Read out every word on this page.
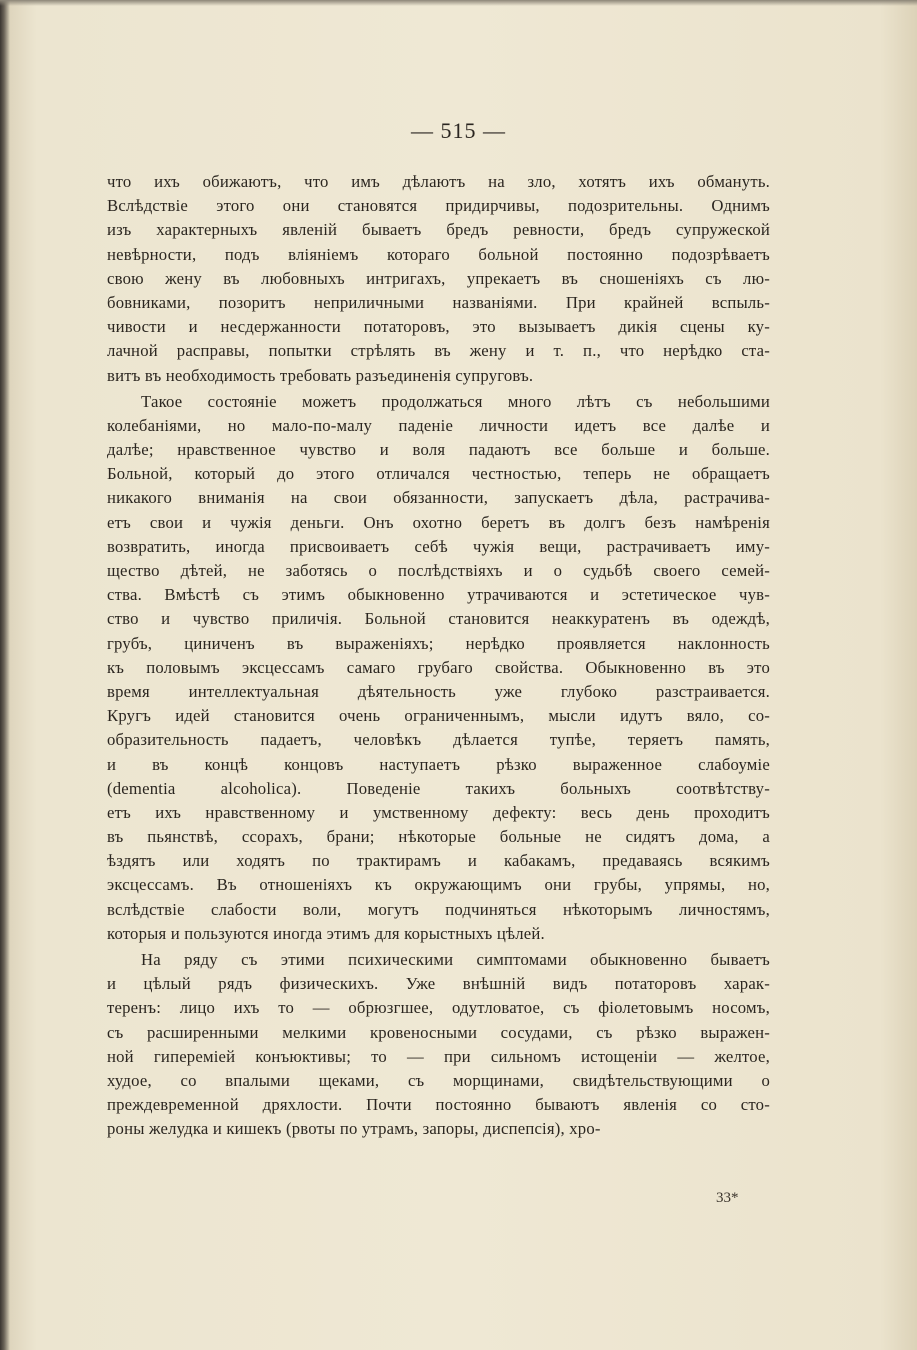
— 515 —
что ихъ обижаютъ, что имъ дѣлаютъ на зло, хотятъ ихъ обмануть.
Вслѣдствіе этого они становятся придирчивы, подозрительны. Однимъ
изъ характерныхъ явленій бываетъ бредъ ревности, бредъ супружеской
невѣрности, подъ вліяніемъ котораго больной постоянно подозрѣваетъ
свою жену въ любовныхъ интригахъ, упрекаетъ въ сношеніяхъ съ лю-
бовниками, позоритъ неприличными названіями. При крайней вспыль-
чивости и несдержанности потаторовъ, это вызываетъ дикія сцены ку-
лачной расправы, попытки стрѣлять въ жену и т. п., что нерѣдко ста-
витъ въ необходимость требовать разъединенія супруговъ.
Такое состояніе можетъ продолжаться много лѣтъ съ небольшими
колебаніями, но мало-по-малу паденіе личности идетъ все далѣе и
далѣе; нравственное чувство и воля падаютъ все больше и больше.
Больной, который до этого отличался честностью, теперь не обращаетъ
никакого вниманія на свои обязанности, запускаетъ дѣла, растрачива-
етъ свои и чужія деньги. Онъ охотно беретъ въ долгъ безъ намѣренія
возвратить, иногда присвоиваетъ себѣ чужія вещи, растрачиваетъ иму-
щество дѣтей, не заботясь о послѣдствіяхъ и о судьбѣ своего семей-
ства. Вмѣстѣ съ этимъ обыкновенно утрачиваются и эстетическое чув-
ство и чувство приличія. Больной становится неаккуратенъ въ одеждѣ,
грубъ, циниченъ въ выраженіяхъ; нерѣдко проявляется наклонность
къ половымъ эксцессамъ самаго грубаго свойства. Обыкновенно въ это
время интеллектуальная дѣятельность уже глубоко разстраивается.
Кругъ идей становится очень ограниченнымъ, мысли идутъ вяло, со-
образительность падаетъ, человѣкъ дѣлается тупѣе, теряетъ память,
и въ концѣ концовъ наступаетъ рѣзко выраженное слабоуміе
(dementia alcoholica). Поведеніе такихъ больныхъ соотвѣтству-
етъ ихъ нравственному и умственному дефекту: весь день проходитъ
въ пьянствѣ, ссорахъ, брани; нѣкоторые больные не сидятъ дома, а
ѣздятъ или ходятъ по трактирамъ и кабакамъ, предаваясь всякимъ
эксцессамъ. Въ отношеніяхъ къ окружающимъ они грубы, упрямы, но,
вслѣдствіе слабости воли, могутъ подчиняться нѣкоторымъ личностямъ,
которыя и пользуются иногда этимъ для корыстныхъ цѣлей.
На ряду съ этими психическими симптомами обыкновенно бываетъ
и цѣлый рядъ физическихъ. Уже внѣшній видъ потаторовъ харак-
теренъ: лицо ихъ то — обрюзгшее, одутловатое, съ фіолетовымъ носомъ,
съ расширенными мелкими кровеносными сосудами, съ рѣзко выражен-
ной гипереміей конъюктивы; то — при сильномъ истощеніи — желтое,
худое, со впалыми щеками, съ морщинами, свидѣтельствующими о
преждевременной дряхлости. Почти постоянно бываютъ явленія со сто-
роны желудка и кишекъ (рвоты по утрамъ, запоры, диспепсія), хро-
33*
